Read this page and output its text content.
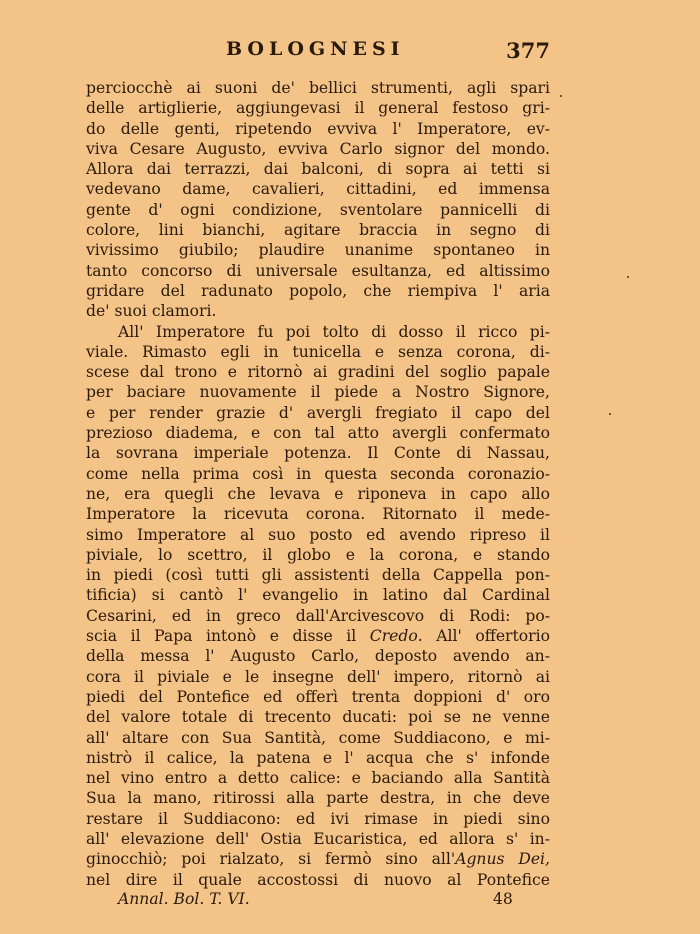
BOLOGNESI	377
perciocchè ai suoni de' bellici strumenti, agli spari
delle artiglierie, aggiungevasi il general festoso gri-
do delle genti, ripetendo evviva l' Imperatore, ev-
viva Cesare Augusto, evviva Carlo signor del mondo.
Allora dai terrazzi, dai balconi, di sopra ai tetti si
vedevano dame, cavalieri, cittadini, ed immensa
gente d' ogni condizione, sventolare pannicelli di
colore, lini bianchi, agitare braccia in segno di
vivissimo giubilo; plaudire unanime spontaneo in
tanto concorso di universale esultanza, ed altissimo
gridare del radunato popolo, che riempiva l' aria
de' suoi clamori.
All' Imperatore fu poi tolto di dosso il ricco pi-
viale. Rimasto egli in tunicella e senza corona, di-
scese dal trono e ritornò ai gradini del soglio papale
per baciare nuovamente il piede a Nostro Signore,
e per render grazie d' avergli fregiato il capo del
prezioso diadema, e con tal atto avergli confermato
la sovrana imperiale potenza. Il Conte di Nassau,
come nella prima così in questa seconda coronazio-
ne, era quegli che levava e riponeva in capo allo
Imperatore la ricevuta corona. Ritornato il mede-
simo Imperatore al suo posto ed avendo ripreso il
piviale, lo scettro, il globo e la corona, e stando
in piedi (così tutti gli assistenti della Cappella pon-
tificia) si cantò l' evangelio in latino dal Cardinal
Cesarini, ed in greco dall'Arcivescovo di Rodi: po-
scia il Papa intonò e disse il Credo. All' offertorio
della messa l' Augusto Carlo, deposto avendo an-
cora il piviale e le insegne dell' impero, ritornò ai
piedi del Pontefice ed offerì trenta doppioni d' oro
del valore totale di trecento ducati: poi se ne venne
all' altare con Sua Santità, come Suddiacono, e mi-
nistrò il calice, la patena e l' acqua che s' infonde
nel vino entro a detto calice: e baciando alla Santità
Sua la mano, ritirossi alla parte destra, in che deve
restare il Suddiacono: ed ivi rimase in piedi sino
all' elevazione dell' Ostia Eucaristica, ed allora s' in-
ginocchiò; poi rialzato, si fermò sino all'Agnus Dei,
nel dire il quale accostossi di nuovo al Pontefice
Annal. Bol. T. VI.	48
